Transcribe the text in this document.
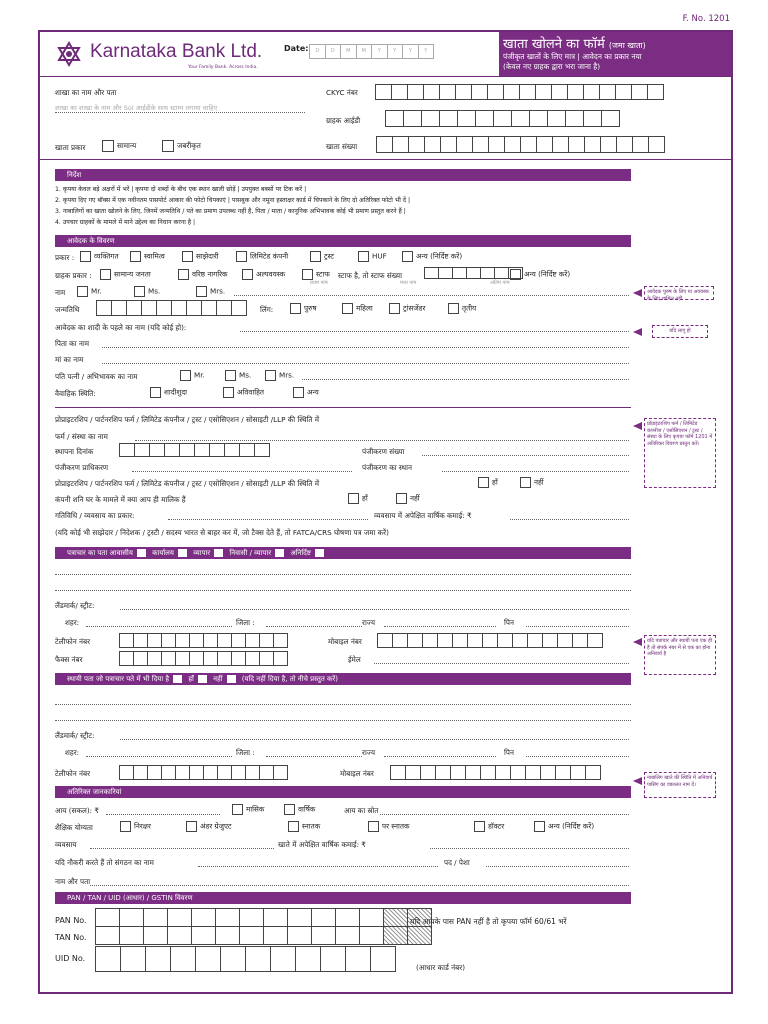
F. No. 1201
Karnataka Bank Ltd.
Your Family Bank. Across India.
Date:	D	D	M	M	Y	Y	Y	Y	खाता खोलने का फॉर्म (जमा खाता)
पंजीकृत खातों के लिए मात्र | आवेदन का प्रकार नया
(केवल नए ग्राहक द्वारा भरा जाना है)
शाखा का नाम और पता
शाखा का शाखा के नाम और Sol आईडीके साथ स्टाम्प लगाया चाहिए
CKYC नंबर
ग्राहक आईडी
खाता प्रकार	सामान्य	जबरीकृत	खाता संख्या
निर्देश
1. कृपया केवल बड़े अक्षरों में भरें | कृपया दो शब्दों के बीच एक स्थान खाली छोड़ें | उपयुक्त बक्सों पर टिक करें |
2. कृपया दिए गए बॉक्स में एक नवीनतम पासपोर्ट आकार की फोटो चिपकाएं | पासबुक और नमूना हस्ताक्षर कार्ड में चिपकाने के लिए दो अतिरिक्त फोटो भी दें |
3. नाबालिगों का खाता खोलने के लिए, जिनमें जन्मतिथि / पते का प्रमाण उपलब्ध नहीं है, पिता / माता / कानूनिक अभिभावक कोई भी प्रमाण प्रस्तुत करने हैं |
4. उपचार ग्राहकों के मामले में माने उद्देश्य का निधान करना है |
आवेदक के विवरण
प्रकार :	व्यक्तिगत	स्वामित्व	साझेदारी	लिमिटेड कंपनी	ट्रस्ट	HUF	अन्य (निर्दिष्ट करें)
ग्राहक प्रकार :	सामान्य जनता	वरिष्ठ नागरिक	अल्पवयस्क	स्टाफ स्टाफ है, तो स्टाफ संख्या	अन्य (निर्दिष्ट करें)
नाम	Mr.	Ms.	Mrs.
प्रथम नाम	मध्य नाम	अंतिम नाम
जन्मतिथि	लिंग:	पुरुष	महिला	ट्रांसजेंडर	तृतीय
आवेदक का शादी के पहले का नाम (यदि कोई हो):
पिता का नाम
मां का नाम
पति पत्नी / अभिभावक का नाम	Mr.	Ms.	Mrs.
वैवाहिक स्थिति:	शादीशुदा	अविवाहित	अन्य
प्रोप्राइटरशिप / पार्टनरशिप फर्म / लिमिटेड कंपनीज / ट्रस्ट / एसोसिएशन / सोसाइटी /LLP की स्थिति में
फर्म / संस्था का नाम
स्थापना दिनांक	पंजीकरण संख्या
पंजीकरण प्राधिकरण	पंजीकरण का स्थान
प्रोप्राइटरशिप / पार्टनरशिप फर्म / लिमिटेड कंपनीज / ट्रस्ट / एसोसिएशन / सोसाइटी /LLP की स्थिति में	हाँ	नहीं
कंपनी शनि घर के मामले में क्या आप ही मालिक हैं	हाँ	नहीं
गतिविधि / व्यवसाय का प्रकार:	व्यवसाय में अपेक्षित वार्षिक कमाई: ₹
(यदि कोई भी साझेदार / निदेशक / ट्रस्टी / सदस्य भारत से बाहर कर में, जो टैक्स देते हैं, तो FATCA/CRS घोषणा पत्र जमा करें)
पत्राचार का पता आवासीय	कार्यालय	व्यापार	निवासी / व्यापार	अनिर्दिष्ट
लैंडमार्क/ स्ट्रीट:
शहर:	जिला :	राज्य	पिन
टेलीफोन नंबर	मोबाइल नंबर
फैक्स नंबर	ईमेल
स्थायी पता जो पत्राचार पते में भी दिया है	हाँ	नहीं	(यदि नहीं दिया है, तो नीचे प्रस्तुत करें)
लैंडमार्क/ स्ट्रीट:
शहर:	जिला :	राज्य	पिन
टेलीफोन नंबर	मोबाइल नंबर
अतिरिक्त जानकारियां
आय (सकल): ₹	मासिक	वार्षिक	आय का स्रोत
शैक्षिक योग्यता	निरक्षर	अंडर ग्रेजुएट	स्नातक	पर स्नातक	डॉक्टर	अन्य (निर्दिष्ट करें)
व्यवसाय	खाते में अपेक्षित वार्षिक कमाई: ₹
यदि नौकरी करते हैं तो संगठन का नाम	पद / पेशा
नाम और पता
PAN / TAN / UID (आधार) / GSTIN विवरण
PAN No.
TAN No.
यदि आपके पास PAN नहीं है तो कृपया फॉर्म 60/61 भरें
UID No.
(आधार कार्ड नंबर)
आवेदक पुरुष के लिए या अवयस्क के लिए शामिल नहीं
यदि लागू हो
प्रोप्राइटरशिप फर्म / लिमिटेड कंपनीज / एसोसिएशन / ट्रस्ट / संस्था के लिए कृपया फॉर्म 1201 में अतिरिक्त विवरण प्रस्तुत करें।
यदि पत्राचार और स्थायी पता एक ही है तो संपर्क नंबर में से एक का होना अनिवार्य है
नाबालिग खाते की स्थिति में अनिवार्य पासिंग का वकालत नाम दें।
